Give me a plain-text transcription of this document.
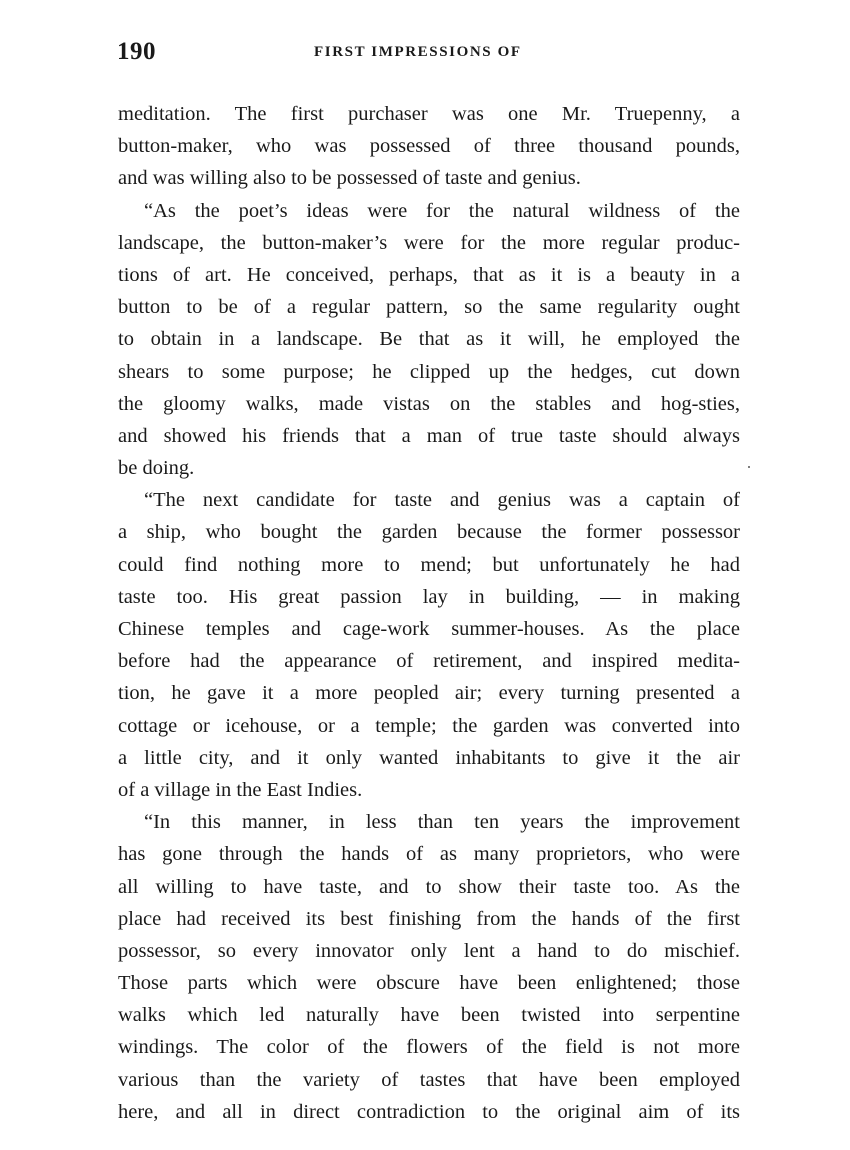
190	FIRST IMPRESSIONS OF
meditation. The first purchaser was one Mr. Truepenny, a
button-maker, who was possessed of three thousand pounds,
and was willing also to be possessed of taste and genius.
“As the poet’s ideas were for the natural wildness of the
landscape, the button-maker’s were for the more regular produc-
tions of art. He conceived, perhaps, that as it is a beauty in a
button to be of a regular pattern, so the same regularity ought
to obtain in a landscape. Be that as it will, he employed the
shears to some purpose; he clipped up the hedges, cut down
the gloomy walks, made vistas on the stables and hog-sties,
and showed his friends that a man of true taste should always
be doing.
“The next candidate for taste and genius was a captain of
a ship, who bought the garden because the former possessor
could find nothing more to mend; but unfortunately he had
taste too. His great passion lay in building, — in making
Chinese temples and cage-work summer-houses. As the place
before had the appearance of retirement, and inspired medita-
tion, he gave it a more peopled air; every turning presented a
cottage or icehouse, or a temple; the garden was converted into
a little city, and it only wanted inhabitants to give it the air
of a village in the East Indies.
“In this manner, in less than ten years the improvement
has gone through the hands of as many proprietors, who were
all willing to have taste, and to show their taste too. As the
place had received its best finishing from the hands of the first
possessor, so every innovator only lent a hand to do mischief.
Those parts which were obscure have been enlightened; those
walks which led naturally have been twisted into serpentine
windings. The color of the flowers of the field is not more
various than the variety of tastes that have been employed
here, and all in direct contradiction to the original aim of its
